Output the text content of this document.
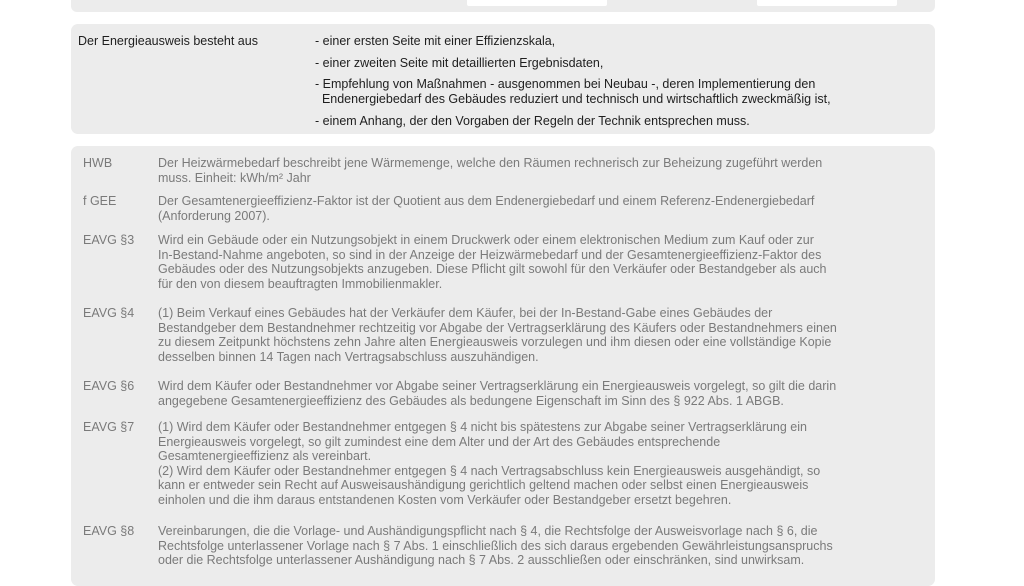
Der Energieausweis besteht aus	- einer ersten Seite mit einer Effizienzskala,
- einer zweiten Seite mit detaillierten Ergebnisdaten,
- Empfehlung von Maßnahmen - ausgenommen bei Neubau -, deren Implementierung den
Endenergiebedarf des Gebäudes reduziert und technisch und wirtschaftlich zweckmäßig ist,
- einem Anhang, der den Vorgaben der Regeln der Technik entsprechen muss.
HWB	Der Heizwärmebedarf beschreibt jene Wärmemenge, welche den Räumen rechnerisch zur Beheizung zugeführt werden
muss. Einheit: kWh/m² Jahr
f GEE	Der Gesamtenergieeffizienz-Faktor ist der Quotient aus dem Endenergiebedarf und einem Referenz-Endenergiebedarf
(Anforderung 2007).
EAVG §3 Wird ein Gebäude oder ein Nutzungsobjekt in einem Druckwerk oder einem elektronischen Medium zum Kauf oder zur
In-Bestand-Nahme angeboten, so sind in der Anzeige der Heizwärmebedarf und der Gesamtenergieeffizienz-Faktor des
Gebäudes oder des Nutzungsobjekts anzugeben. Diese Pflicht gilt sowohl für den Verkäufer oder Bestandgeber als auch
für den von diesem beauftragten Immobilienmakler.
EAVG §4 (1) Beim Verkauf eines Gebäudes hat der Verkäufer dem Käufer, bei der In-Bestand-Gabe eines Gebäudes der
Bestandgeber dem Bestandnehmer rechtzeitig vor Abgabe der Vertragserklärung des Käufers oder Bestandnehmers einen
zu diesem Zeitpunkt höchstens zehn Jahre alten Energieausweis vorzulegen und ihm diesen oder eine vollständige Kopie
desselben binnen 14 Tagen nach Vertragsabschluss auszuhändigen.
EAVG §6 Wird dem Käufer oder Bestandnehmer vor Abgabe seiner Vertragserklärung ein Energieausweis vorgelegt, so gilt die darin
angegebene Gesamtenergieeffizienz des Gebäudes als bedungene Eigenschaft im Sinn des § 922 Abs. 1 ABGB.
EAVG §7 (1) Wird dem Käufer oder Bestandnehmer entgegen § 4 nicht bis spätestens zur Abgabe seiner Vertragserklärung ein
Energieausweis vorgelegt, so gilt zumindest eine dem Alter und der Art des Gebäudes entsprechende
Gesamtenergieeffizienz als vereinbart.
(2) Wird dem Käufer oder Bestandnehmer entgegen § 4 nach Vertragsabschluss kein Energieausweis ausgehändigt, so
kann er entweder sein Recht auf Ausweisaushändigung gerichtlich geltend machen oder selbst einen Energieausweis
einholen und die ihm daraus entstandenen Kosten vom Verkäufer oder Bestandgeber ersetzt begehren.
EAVG §8 Vereinbarungen, die die Vorlage- und Aushändigungspflicht nach § 4, die Rechtsfolge der Ausweisvorlage nach § 6, die
Rechtsfolge unterlassener Vorlage nach § 7 Abs. 1 einschließlich des sich daraus ergebenden Gewährleistungsanspruchs
oder die Rechtsfolge unterlassener Aushändigung nach § 7 Abs. 2 ausschließen oder einschränken, sind unwirksam.
